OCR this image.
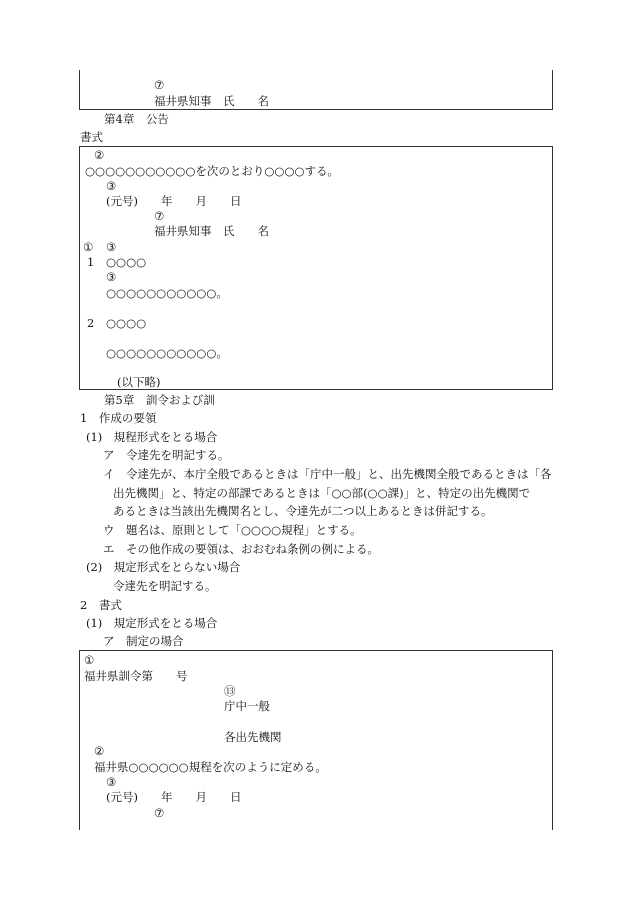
⑦
福井県知事　氏　　名
第4章　公告
書式
②
○○○○○○○○○○○を次のとおり○○○○する。
③
(元号)　　年　　月　　日
⑦
福井県知事　氏　　名
① ③
1 ○○○○
③
○○○○○○○○○○○。
2 ○○○○
○○○○○○○○○○○。
(以下略)
第5章　訓令および訓
1　作成の要領
(1)　規程形式をとる場合
ア　令達先を明記する。
イ　令達先が、本庁全般であるときは「庁中一般」と、出先機関全般であるときは「各
出先機関」と、特定の部課であるときは「○○部(○○課)」と、特定の出先機関で
あるときは当該出先機関名とし、令達先が二つ以上あるときは併記する。
ウ　題名は、原則として「○○○○規程」とする。
エ　その他作成の要領は、おおむね条例の例による。
(2)　規定形式をとらない場合
令達先を明記する。
2　書式
(1)　規定形式をとる場合
ア　制定の場合
①
福井県訓令第　　号
⑬
庁中一般
各出先機関
②
福井県○○○○○○規程を次のように定める。
③
(元号)　　年　　月　　日
⑦
